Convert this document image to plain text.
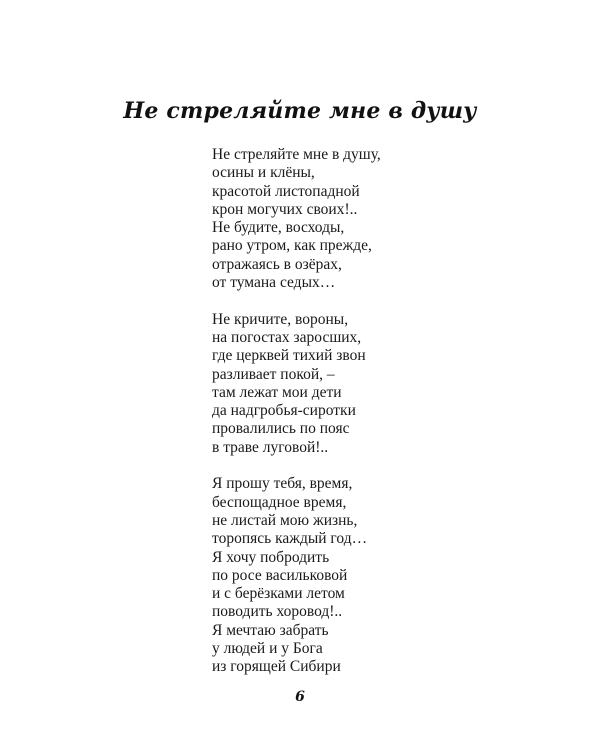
Не стреляйте мне в душу
Не стреляйте мне в душу,
осины и клёны,
красотой листопадной
крон могучих своих!..
Не будите, восходы,
рано утром, как прежде,
отражаясь в озёрах,
от тумана седых…
Не кричите, вороны,
на погостах заросших,
где церквей тихий звон
разливает покой, –
там лежат мои дети
да надгробья-сиротки
провалились по пояс
в траве луговой!..
Я прошу тебя, время,
беспощадное время,
не листай мою жизнь,
торопясь каждый год…
Я хочу побродить
по росе васильковой
и с берёзками летом
поводить хоровод!..
Я мечтаю забрать
у людей и у Бога
из горящей Сибири
6
